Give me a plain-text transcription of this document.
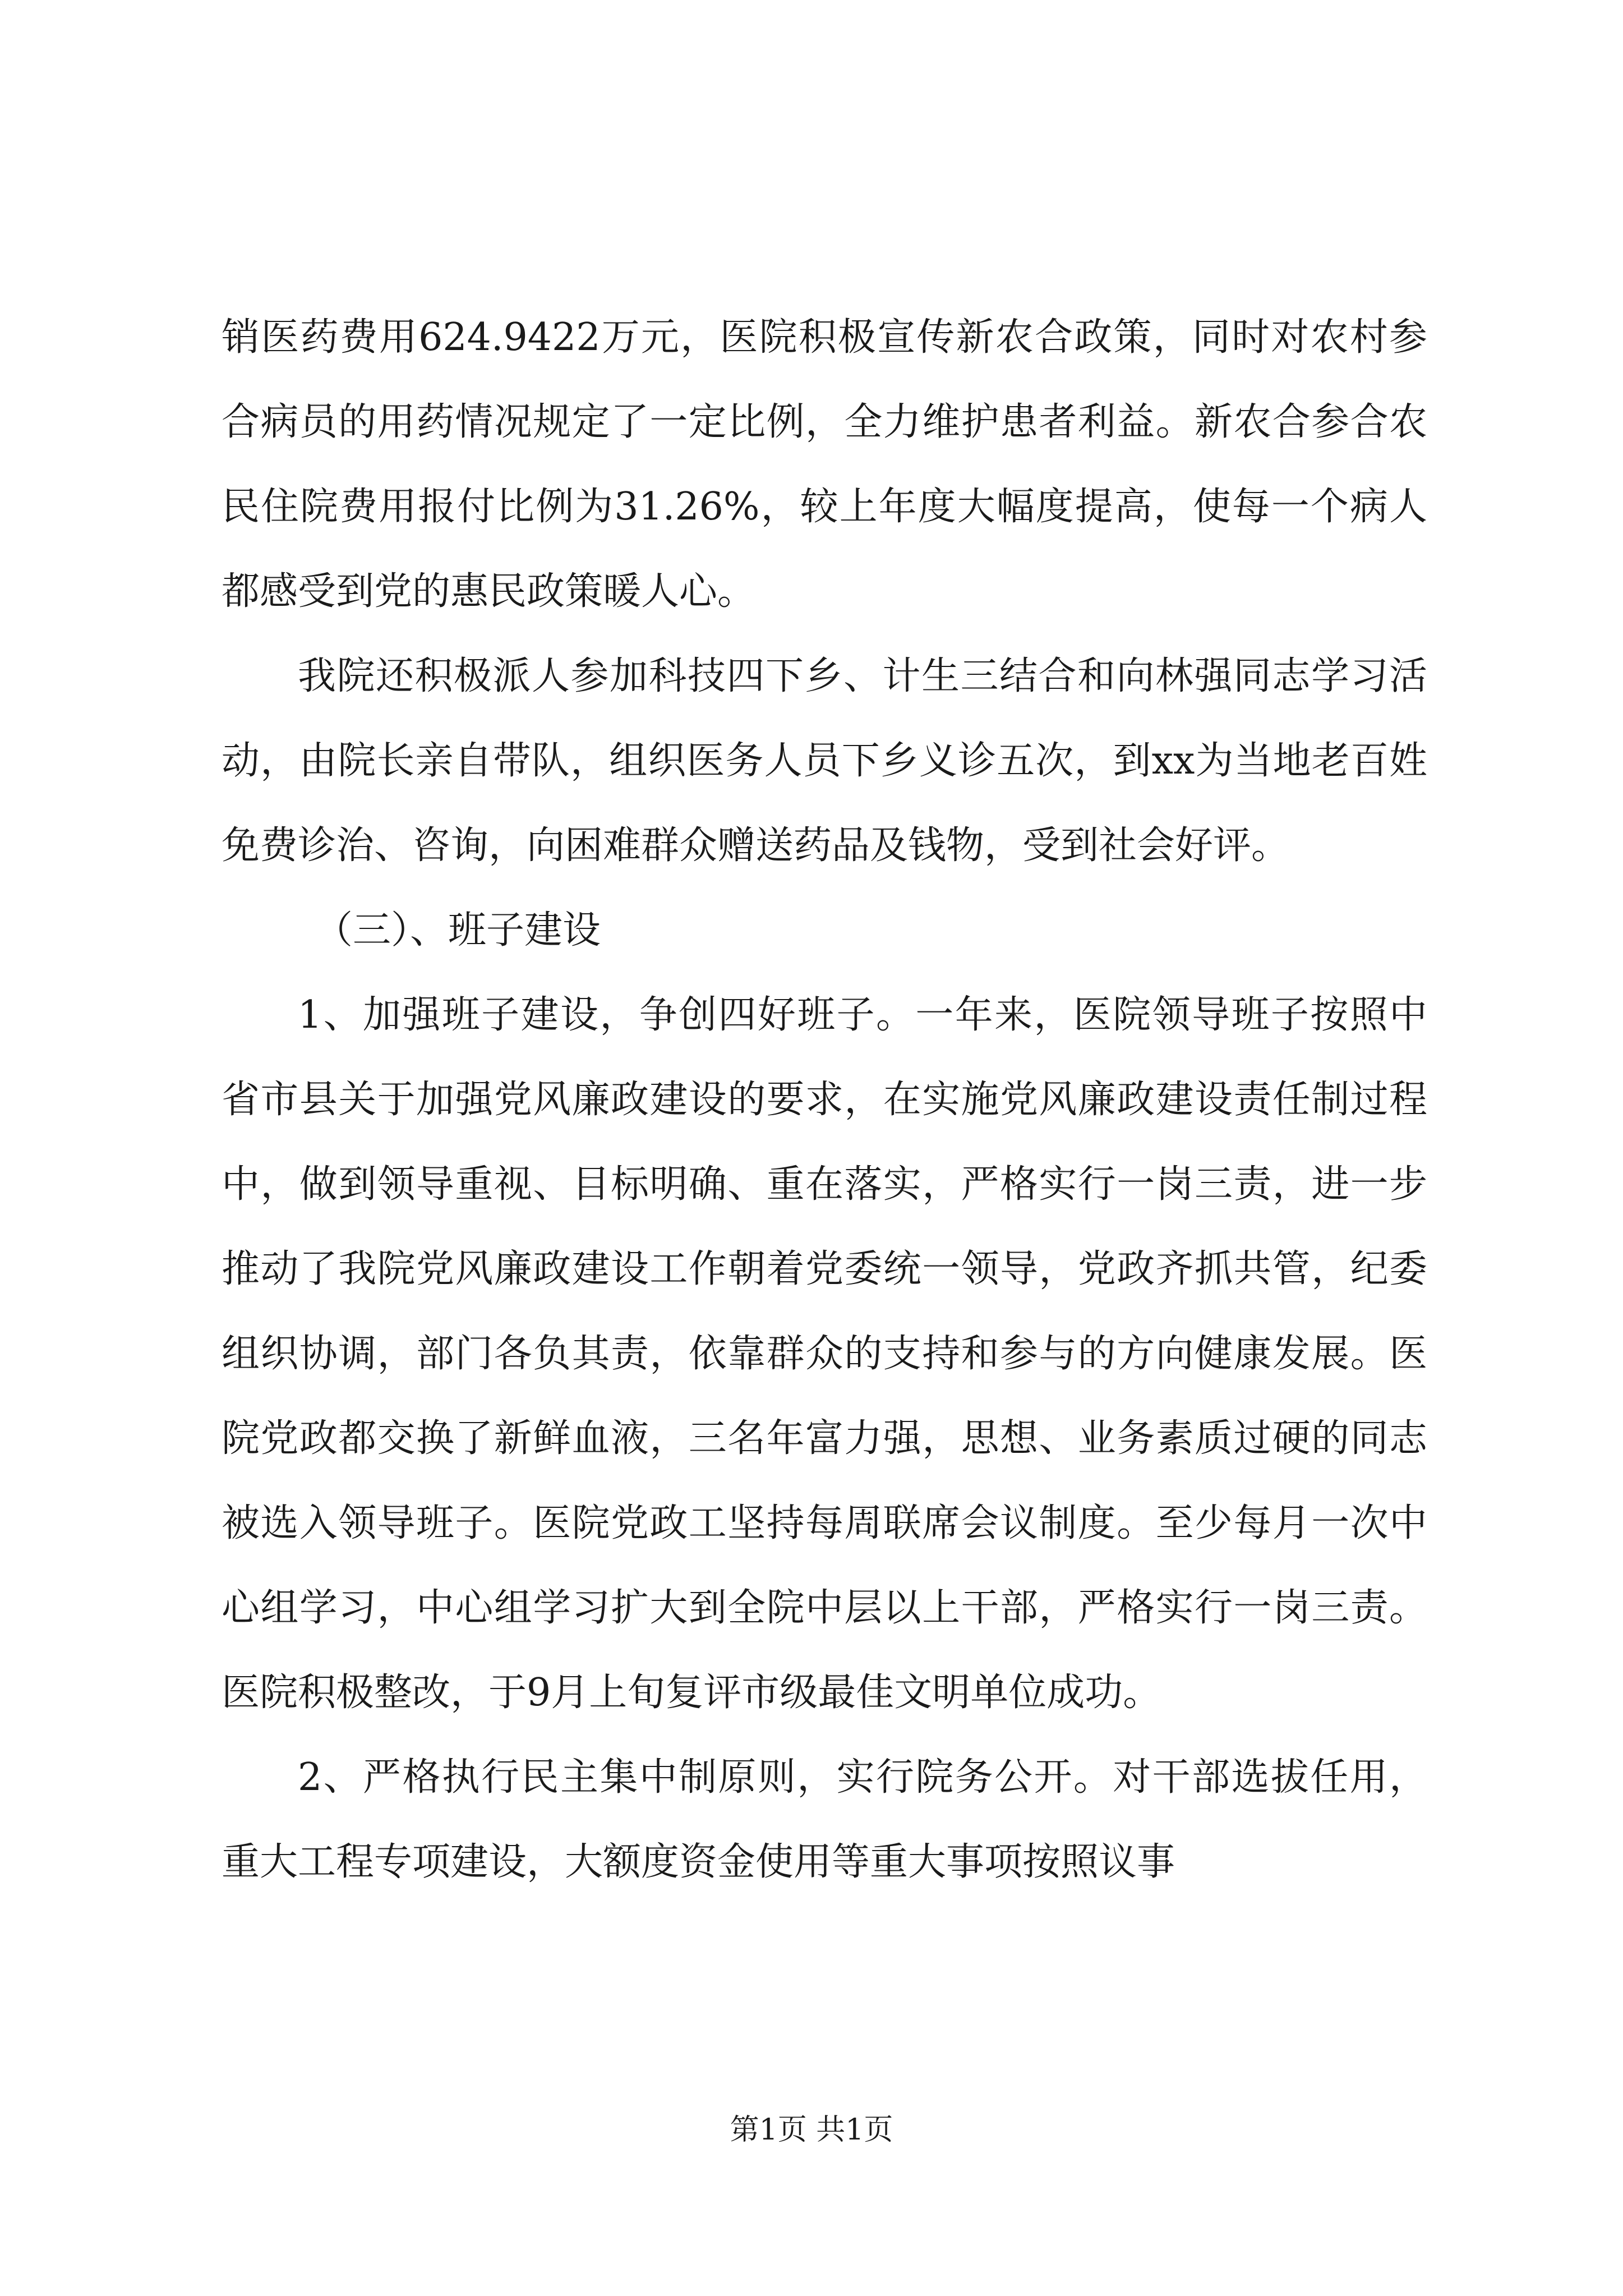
销医药费用624.9422万元，医院积极宣传新农合政策，同时对农村参合病员的用药情况规定了一定比例，全力维护患者利益。新农合参合农民住院费用报付比例为31.26%，较上年度大幅度提高，使每一个病人都感受到党的惠民政策暖人心。

我院还积极派人参加科技四下乡、计生三结合和向林强同志学习活动，由院长亲自带队，组织医务人员下乡义诊五次，到xx为当地老百姓免费诊治、咨询，向困难群众赠送药品及钱物，受到社会好评。

（三）、班子建设

1、加强班子建设，争创四好班子。一年来，医院领导班子按照中省市县关于加强党风廉政建设的要求，在实施党风廉政建设责任制过程中，做到领导重视、目标明确、重在落实，严格实行一岗三责，进一步推动了我院党风廉政建设工作朝着党委统一领导，党政齐抓共管，纪委组织协调，部门各负其责，依靠群众的支持和参与的方向健康发展。医院党政都交换了新鲜血液，三名年富力强，思想、业务素质过硬的同志被选入领导班子。医院党政工坚持每周联席会议制度。至少每月一次中心组学习，中心组学习扩大到全院中层以上干部，严格实行一岗三责。医院积极整改，于9月上旬复评市级最佳文明单位成功。

2、严格执行民主集中制原则，实行院务公开。对干部选拔任用，重大工程专项建设，大额度资金使用等重大事项按照议事

第1页 共1页
